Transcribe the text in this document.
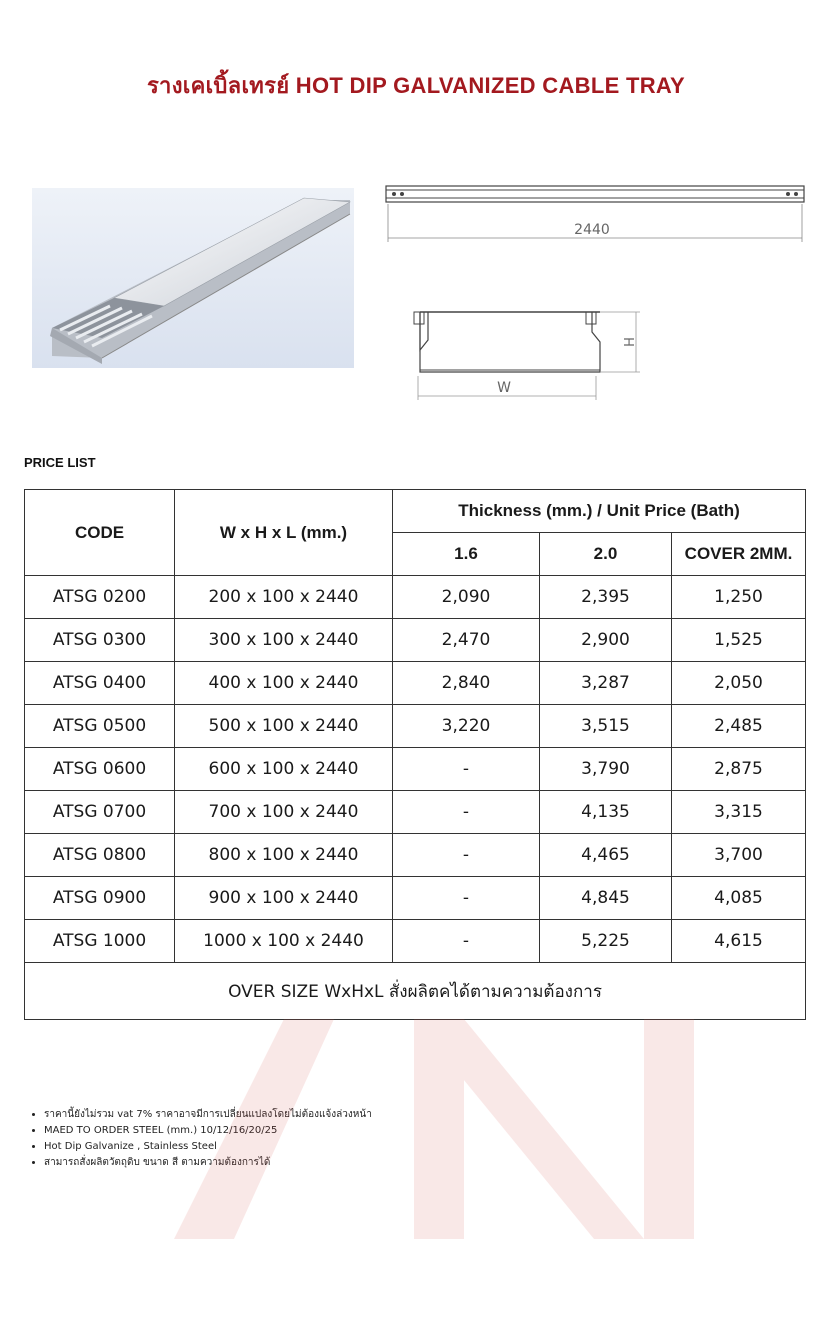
รางเคเบิ้ลเทรย์ HOT DIP GALVANIZED CABLE TRAY
2440
W
H
PRICE LIST
CODE	W x H x L (mm.)	Thickness (mm.) / Unit Price (Bath)		
		1.6	2.0	COVER 2MM.
ATSG 0200	200 x 100 x 2440	2,090	2,395	1,250
ATSG 0300	300 x 100 x 2440	2,470	2,900	1,525
ATSG 0400	400 x 100 x 2440	2,840	3,287	2,050
ATSG 0500	500 x 100 x 2440	3,220	3,515	2,485
ATSG 0600	600 x 100 x 2440	-	3,790	2,875
ATSG 0700	700 x 100 x 2440	-	4,135	3,315
ATSG 0800	800 x 100 x 2440	-	4,465	3,700
ATSG 0900	900 x 100 x 2440	-	4,845	4,085
ATSG 1000	1000 x 100 x 2440	-	5,225	4,615
OVER SIZE WxHxL สั่งผลิตคได้ตามความต้องการ				
• ราคานี้ยังไม่รวม vat 7% ราคาอาจมีการเปลี่ยนแปลงโดยไม่ต้องแจ้งล่วงหน้า
• MAED TO ORDER STEEL (mm.) 10/12/16/20/25
• Hot Dip Galvanize , Stainless Steel
• สามารถสั่งผลิตวัตถุดิบ ขนาด สี ตามความต้องการได้
